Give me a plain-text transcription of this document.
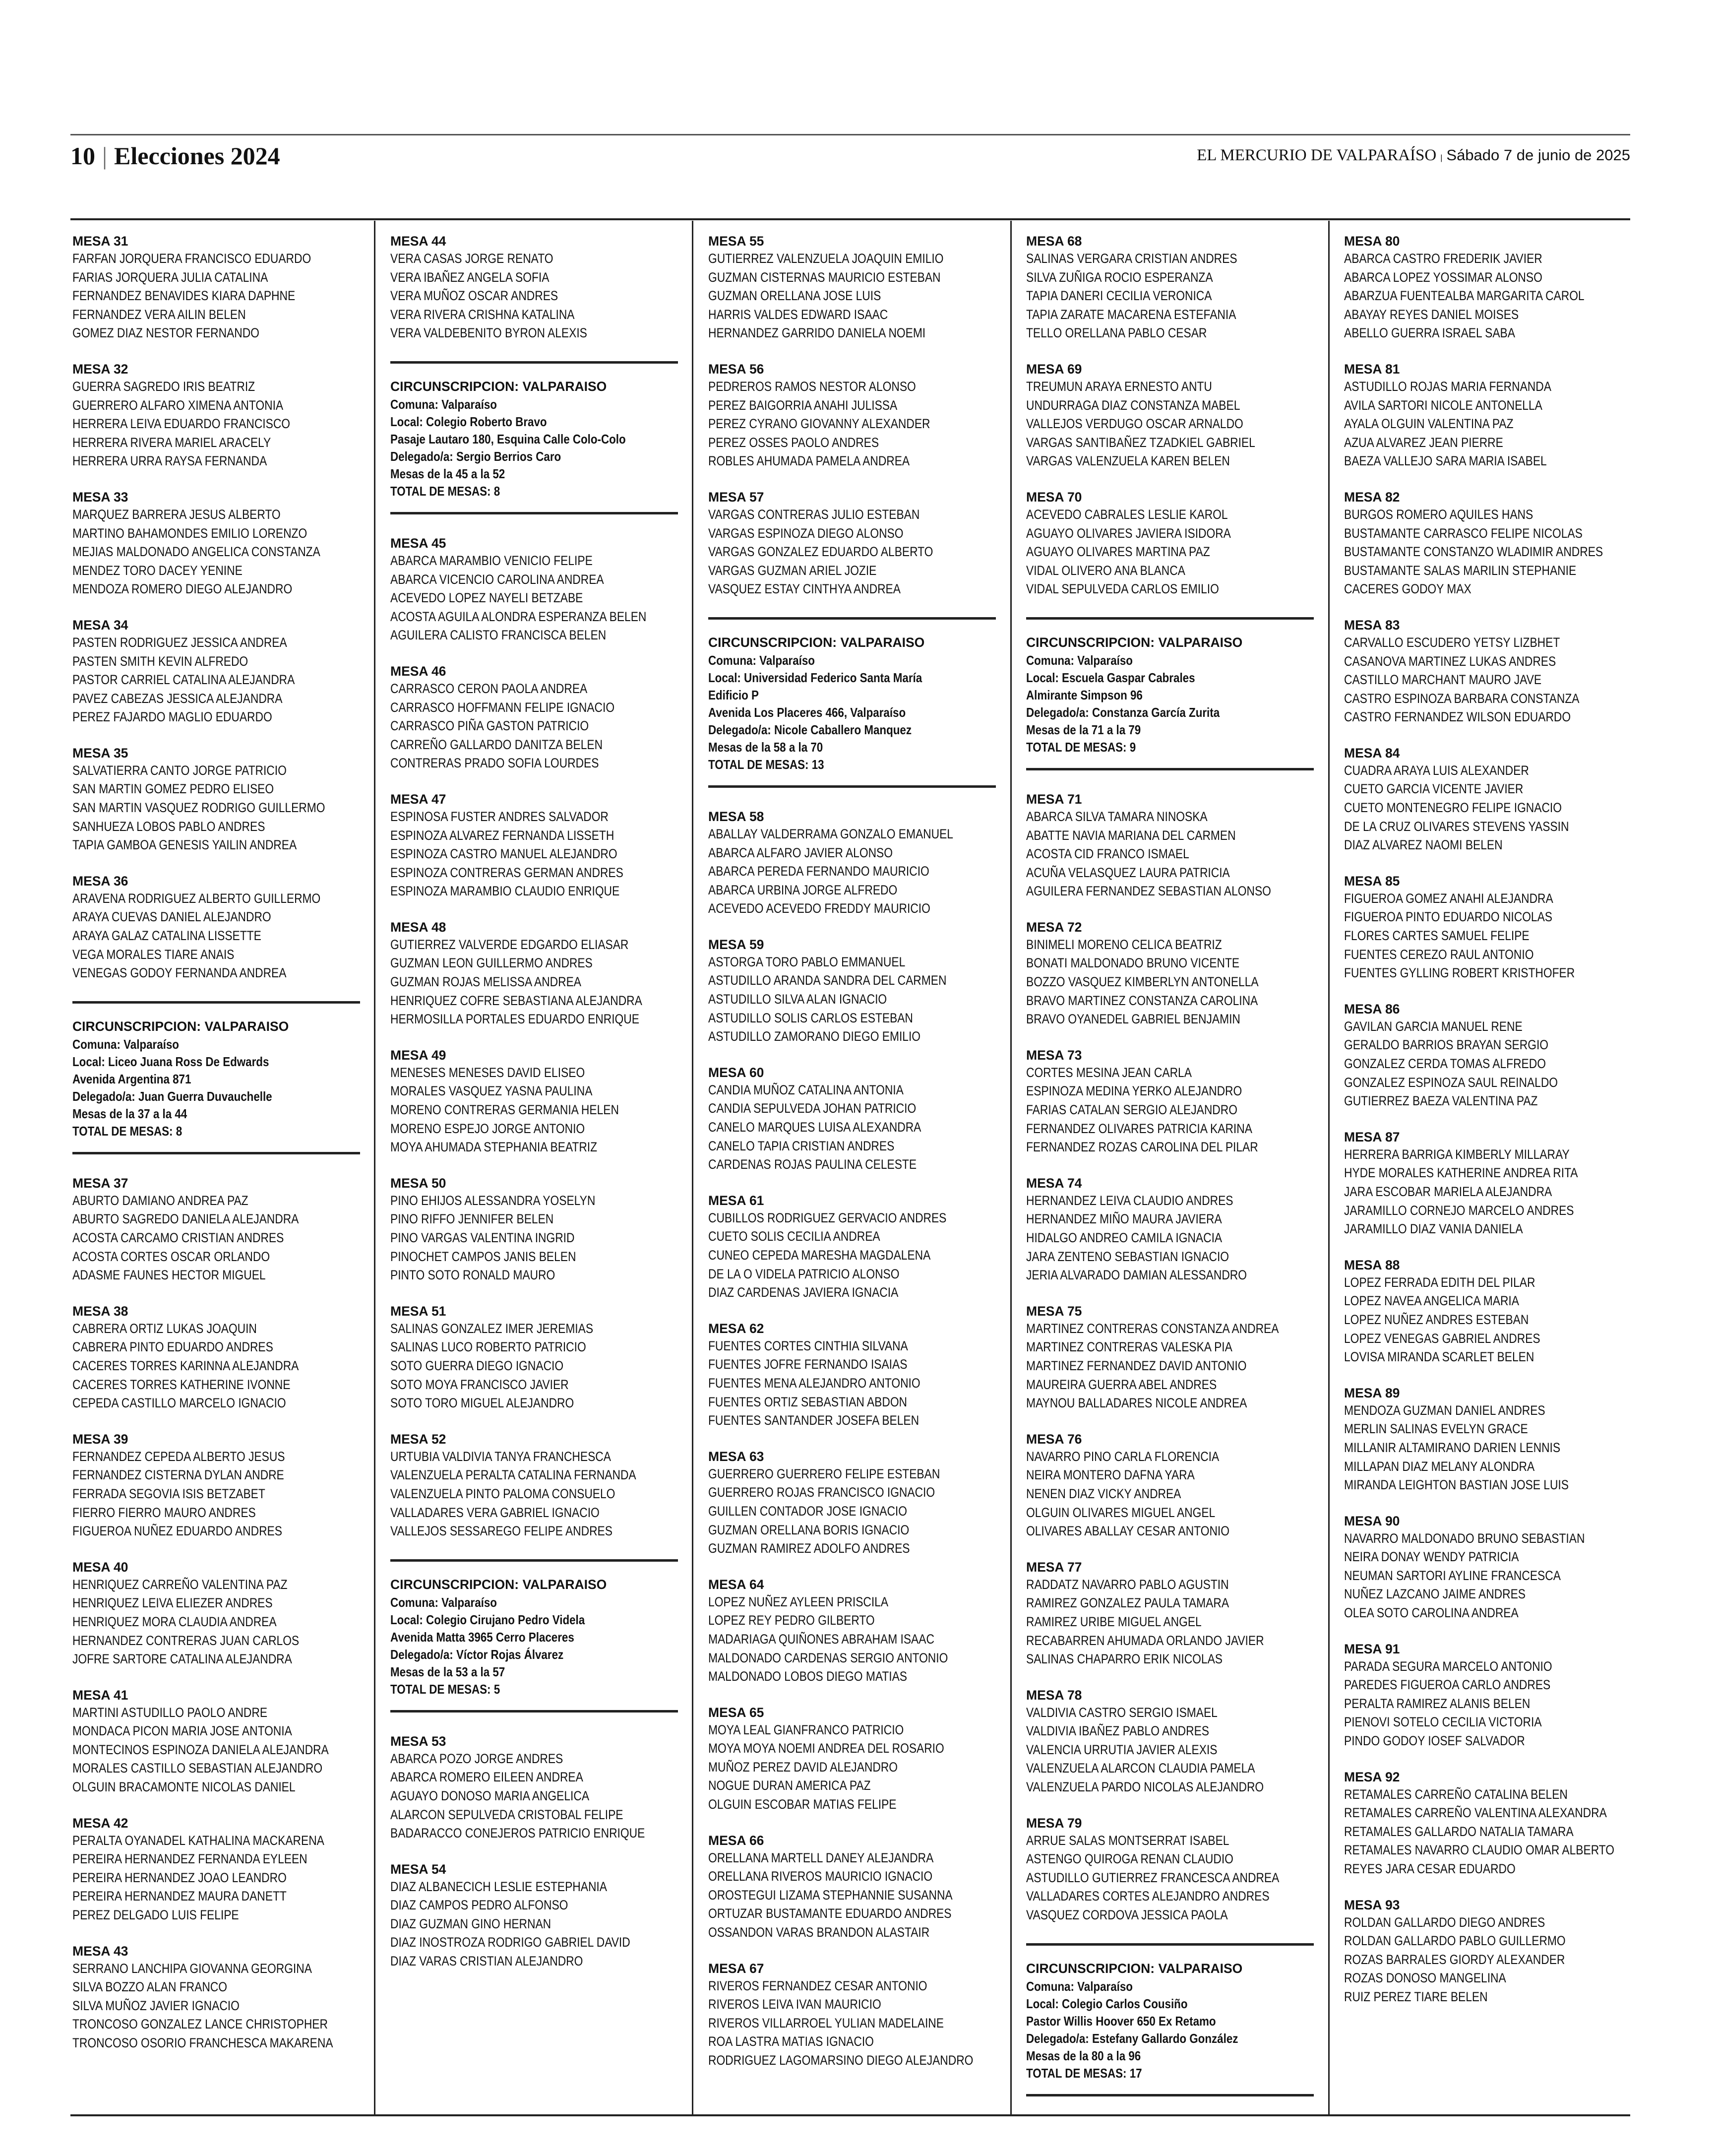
10 | Elecciones 2024	EL MERCURIO DE VALPARAÍSO | Sábado 7 de junio de 2025
MESA 31
FARFAN JORQUERA FRANCISCO EDUARDO
FARIAS JORQUERA JULIA CATALINA
FERNANDEZ BENAVIDES KIARA DAPHNE
FERNANDEZ VERA AILIN BELEN
GOMEZ DIAZ NESTOR FERNANDO
MESA 32
GUERRA SAGREDO IRIS BEATRIZ
GUERRERO ALFARO XIMENA ANTONIA
HERRERA LEIVA EDUARDO FRANCISCO
HERRERA RIVERA MARIEL ARACELY
HERRERA URRA RAYSA FERNANDA
MESA 33
MARQUEZ BARRERA JESUS ALBERTO
MARTINO BAHAMONDES EMILIO LORENZO
MEJIAS MALDONADO ANGELICA CONSTANZA
MENDEZ TORO DACEY YENINE
MENDOZA ROMERO DIEGO ALEJANDRO
MESA 34
PASTEN RODRIGUEZ JESSICA ANDREA
PASTEN SMITH KEVIN ALFREDO
PASTOR CARRIEL CATALINA ALEJANDRA
PAVEZ CABEZAS JESSICA ALEJANDRA
PEREZ FAJARDO MAGLIO EDUARDO
MESA 35
SALVATIERRA CANTO JORGE PATRICIO
SAN MARTIN GOMEZ PEDRO ELISEO
SAN MARTIN VASQUEZ RODRIGO GUILLERMO
SANHUEZA LOBOS PABLO ANDRES
TAPIA GAMBOA GENESIS YAILIN ANDREA
MESA 36
ARAVENA RODRIGUEZ ALBERTO GUILLERMO
ARAYA CUEVAS DANIEL ALEJANDRO
ARAYA GALAZ CATALINA LISSETTE
VEGA MORALES TIARE ANAIS
VENEGAS GODOY FERNANDA ANDREA
CIRCUNSCRIPCION: VALPARAISO
Comuna: Valparaíso
Local: Liceo Juana Ross De Edwards
Avenida Argentina 871
Delegado/a: Juan Guerra Duvauchelle
Mesas de la 37 a la 44
TOTAL DE MESAS: 8
MESA 37
ABURTO DAMIANO ANDREA PAZ
ABURTO SAGREDO DANIELA ALEJANDRA
ACOSTA CARCAMO CRISTIAN ANDRES
ACOSTA CORTES OSCAR ORLANDO
ADASME FAUNES HECTOR MIGUEL
MESA 38
CABRERA ORTIZ LUKAS JOAQUIN
CABRERA PINTO EDUARDO ANDRES
CACERES TORRES KARINNA ALEJANDRA
CACERES TORRES KATHERINE IVONNE
CEPEDA CASTILLO MARCELO IGNACIO
MESA 39
FERNANDEZ CEPEDA ALBERTO JESUS
FERNANDEZ CISTERNA DYLAN ANDRE
FERRADA SEGOVIA ISIS BETZABET
FIERRO FIERRO MAURO ANDRES
FIGUEROA NUÑEZ EDUARDO ANDRES
MESA 40
HENRIQUEZ CARREÑO VALENTINA PAZ
HENRIQUEZ LEIVA ELIEZER ANDRES
HENRIQUEZ MORA CLAUDIA ANDREA
HERNANDEZ CONTRERAS JUAN CARLOS
JOFRE SARTORE CATALINA ALEJANDRA
MESA 41
MARTINI ASTUDILLO PAOLO ANDRE
MONDACA PICON MARIA JOSE ANTONIA
MONTECINOS ESPINOZA DANIELA ALEJANDRA
MORALES CASTILLO SEBASTIAN ALEJANDRO
OLGUIN BRACAMONTE NICOLAS DANIEL
MESA 42
PERALTA OYANADEL KATHALINA MACKARENA
PEREIRA HERNANDEZ FERNANDA EYLEEN
PEREIRA HERNANDEZ JOAO LEANDRO
PEREIRA HERNANDEZ MAURA DANETT
PEREZ DELGADO LUIS FELIPE
MESA 43
SERRANO LANCHIPA GIOVANNA GEORGINA
SILVA BOZZO ALAN FRANCO
SILVA MUÑOZ JAVIER IGNACIO
TRONCOSO GONZALEZ LANCE CHRISTOPHER
TRONCOSO OSORIO FRANCHESCA MAKARENA
MESA 44
VERA CASAS JORGE RENATO
VERA IBAÑEZ ANGELA SOFIA
VERA MUÑOZ OSCAR ANDRES
VERA RIVERA CRISHNA KATALINA
VERA VALDEBENITO BYRON ALEXIS
CIRCUNSCRIPCION: VALPARAISO
Comuna: Valparaíso
Local: Colegio Roberto Bravo
Pasaje Lautaro 180, Esquina Calle Colo-Colo
Delegado/a: Sergio Berrios Caro
Mesas de la 45 a la 52
TOTAL DE MESAS: 8
MESA 45
ABARCA MARAMBIO VENICIO FELIPE
ABARCA VICENCIO CAROLINA ANDREA
ACEVEDO LOPEZ NAYELI BETZABE
ACOSTA AGUILA ALONDRA ESPERANZA BELEN
AGUILERA CALISTO FRANCISCA BELEN
MESA 46
CARRASCO CERON PAOLA ANDREA
CARRASCO HOFFMANN FELIPE IGNACIO
CARRASCO PIÑA GASTON PATRICIO
CARREÑO GALLARDO DANITZA BELEN
CONTRERAS PRADO SOFIA LOURDES
MESA 47
ESPINOSA FUSTER ANDRES SALVADOR
ESPINOZA ALVAREZ FERNANDA LISSETH
ESPINOZA CASTRO MANUEL ALEJANDRO
ESPINOZA CONTRERAS GERMAN ANDRES
ESPINOZA MARAMBIO CLAUDIO ENRIQUE
MESA 48
GUTIERREZ VALVERDE EDGARDO ELIASAR
GUZMAN LEON GUILLERMO ANDRES
GUZMAN ROJAS MELISSA ANDREA
HENRIQUEZ COFRE SEBASTIANA ALEJANDRA
HERMOSILLA PORTALES EDUARDO ENRIQUE
MESA 49
MENESES MENESES DAVID ELISEO
MORALES VASQUEZ YASNA PAULINA
MORENO CONTRERAS GERMANIA HELEN
MORENO ESPEJO JORGE ANTONIO
MOYA AHUMADA STEPHANIA BEATRIZ
MESA 50
PINO EHIJOS ALESSANDRA YOSELYN
PINO RIFFO JENNIFER BELEN
PINO VARGAS VALENTINA INGRID
PINOCHET CAMPOS JANIS BELEN
PINTO SOTO RONALD MAURO
MESA 51
SALINAS GONZALEZ IMER JEREMIAS
SALINAS LUCO ROBERTO PATRICIO
SOTO GUERRA DIEGO IGNACIO
SOTO MOYA FRANCISCO JAVIER
SOTO TORO MIGUEL ALEJANDRO
MESA 52
URTUBIA VALDIVIA TANYA FRANCHESCA
VALENZUELA PERALTA CATALINA FERNANDA
VALENZUELA PINTO PALOMA CONSUELO
VALLADARES VERA GABRIEL IGNACIO
VALLEJOS SESSAREGO FELIPE ANDRES
CIRCUNSCRIPCION: VALPARAISO
Comuna: Valparaíso
Local: Colegio Cirujano Pedro Videla
Avenida Matta 3965 Cerro Placeres
Delegado/a: Víctor Rojas Álvarez
Mesas de la 53 a la 57
TOTAL DE MESAS: 5
MESA 53
ABARCA POZO JORGE ANDRES
ABARCA ROMERO EILEEN ANDREA
AGUAYO DONOSO MARIA ANGELICA
ALARCON SEPULVEDA CRISTOBAL FELIPE
BADARACCO CONEJEROS PATRICIO ENRIQUE
MESA 54
DIAZ ALBANECICH LESLIE ESTEPHANIA
DIAZ CAMPOS PEDRO ALFONSO
DIAZ GUZMAN GINO HERNAN
DIAZ INOSTROZA RODRIGO GABRIEL DAVID
DIAZ VARAS CRISTIAN ALEJANDRO
MESA 55
GUTIERREZ VALENZUELA JOAQUIN EMILIO
GUZMAN CISTERNAS MAURICIO ESTEBAN
GUZMAN ORELLANA JOSE LUIS
HARRIS VALDES EDWARD ISAAC
HERNANDEZ GARRIDO DANIELA NOEMI
MESA 56
PEDREROS RAMOS NESTOR ALONSO
PEREZ BAIGORRIA ANAHI JULISSA
PEREZ CYRANO GIOVANNY ALEXANDER
PEREZ OSSES PAOLO ANDRES
ROBLES AHUMADA PAMELA ANDREA
MESA 57
VARGAS CONTRERAS JULIO ESTEBAN
VARGAS ESPINOZA DIEGO ALONSO
VARGAS GONZALEZ EDUARDO ALBERTO
VARGAS GUZMAN ARIEL JOZIE
VASQUEZ ESTAY CINTHYA ANDREA
CIRCUNSCRIPCION: VALPARAISO
Comuna: Valparaíso
Local: Universidad Federico Santa María
Edificio P
Avenida Los Placeres 466, Valparaíso
Delegado/a: Nicole Caballero Manquez
Mesas de la 58 a la 70
TOTAL DE MESAS: 13
MESA 58
ABALLAY VALDERRAMA GONZALO EMANUEL
ABARCA ALFARO JAVIER ALONSO
ABARCA PEREDA FERNANDO MAURICIO
ABARCA URBINA JORGE ALFREDO
ACEVEDO ACEVEDO FREDDY MAURICIO
MESA 59
ASTORGA TORO PABLO EMMANUEL
ASTUDILLO ARANDA SANDRA DEL CARMEN
ASTUDILLO SILVA ALAN IGNACIO
ASTUDILLO SOLIS CARLOS ESTEBAN
ASTUDILLO ZAMORANO DIEGO EMILIO
MESA 60
CANDIA MUÑOZ CATALINA ANTONIA
CANDIA SEPULVEDA JOHAN PATRICIO
CANELO MARQUES LUISA ALEXANDRA
CANELO TAPIA CRISTIAN ANDRES
CARDENAS ROJAS PAULINA CELESTE
MESA 61
CUBILLOS RODRIGUEZ GERVACIO ANDRES
CUETO SOLIS CECILIA ANDREA
CUNEO CEPEDA MARESHA MAGDALENA
DE LA O VIDELA PATRICIO ALONSO
DIAZ CARDENAS JAVIERA IGNACIA
MESA 62
FUENTES CORTES CINTHIA SILVANA
FUENTES JOFRE FERNANDO ISAIAS
FUENTES MENA ALEJANDRO ANTONIO
FUENTES ORTIZ SEBASTIAN ABDON
FUENTES SANTANDER JOSEFA BELEN
MESA 63
GUERRERO GUERRERO FELIPE ESTEBAN
GUERRERO ROJAS FRANCISCO IGNACIO
GUILLEN CONTADOR JOSE IGNACIO
GUZMAN ORELLANA BORIS IGNACIO
GUZMAN RAMIREZ ADOLFO ANDRES
MESA 64
LOPEZ NUÑEZ AYLEEN PRISCILA
LOPEZ REY PEDRO GILBERTO
MADARIAGA QUIÑONES ABRAHAM ISAAC
MALDONADO CARDENAS SERGIO ANTONIO
MALDONADO LOBOS DIEGO MATIAS
MESA 65
MOYA LEAL GIANFRANCO PATRICIO
MOYA MOYA NOEMI ANDREA DEL ROSARIO
MUÑOZ PEREZ DAVID ALEJANDRO
NOGUE DURAN AMERICA PAZ
OLGUIN ESCOBAR MATIAS FELIPE
MESA 66
ORELLANA MARTELL DANEY ALEJANDRA
ORELLANA RIVEROS MAURICIO IGNACIO
OROSTEGUI LIZAMA STEPHANNIE SUSANNA
ORTUZAR BUSTAMANTE EDUARDO ANDRES
OSSANDON VARAS BRANDON ALASTAIR
MESA 67
RIVEROS FERNANDEZ CESAR ANTONIO
RIVEROS LEIVA IVAN MAURICIO
RIVEROS VILLARROEL YULIAN MADELAINE
ROA LASTRA MATIAS IGNACIO
RODRIGUEZ LAGOMARSINO DIEGO ALEJANDRO
MESA 68
SALINAS VERGARA CRISTIAN ANDRES
SILVA ZUÑIGA ROCIO ESPERANZA
TAPIA DANERI CECILIA VERONICA
TAPIA ZARATE MACARENA ESTEFANIA
TELLO ORELLANA PABLO CESAR
MESA 69
TREUMUN ARAYA ERNESTO ANTU
UNDURRAGA DIAZ CONSTANZA MABEL
VALLEJOS VERDUGO OSCAR ARNALDO
VARGAS SANTIBAÑEZ TZADKIEL GABRIEL
VARGAS VALENZUELA KAREN BELEN
MESA 70
ACEVEDO CABRALES LESLIE KAROL
AGUAYO OLIVARES JAVIERA ISIDORA
AGUAYO OLIVARES MARTINA PAZ
VIDAL OLIVERO ANA BLANCA
VIDAL SEPULVEDA CARLOS EMILIO
CIRCUNSCRIPCION: VALPARAISO
Comuna: Valparaíso
Local: Escuela Gaspar Cabrales
Almirante Simpson 96
Delegado/a: Constanza García Zurita
Mesas de la 71 a la 79
TOTAL DE MESAS: 9
MESA 71
ABARCA SILVA TAMARA NINOSKA
ABATTE NAVIA MARIANA DEL CARMEN
ACOSTA CID FRANCO ISMAEL
ACUÑA VELASQUEZ LAURA PATRICIA
AGUILERA FERNANDEZ SEBASTIAN ALONSO
MESA 72
BINIMELI MORENO CELICA BEATRIZ
BONATI MALDONADO BRUNO VICENTE
BOZZO VASQUEZ KIMBERLYN ANTONELLA
BRAVO MARTINEZ CONSTANZA CAROLINA
BRAVO OYANEDEL GABRIEL BENJAMIN
MESA 73
CORTES MESINA JEAN CARLA
ESPINOZA MEDINA YERKO ALEJANDRO
FARIAS CATALAN SERGIO ALEJANDRO
FERNANDEZ OLIVARES PATRICIA KARINA
FERNANDEZ ROZAS CAROLINA DEL PILAR
MESA 74
HERNANDEZ LEIVA CLAUDIO ANDRES
HERNANDEZ MIÑO MAURA JAVIERA
HIDALGO ANDREO CAMILA IGNACIA
JARA ZENTENO SEBASTIAN IGNACIO
JERIA ALVARADO DAMIAN ALESSANDRO
MESA 75
MARTINEZ CONTRERAS CONSTANZA ANDREA
MARTINEZ CONTRERAS VALESKA PIA
MARTINEZ FERNANDEZ DAVID ANTONIO
MAUREIRA GUERRA ABEL ANDRES
MAYNOU BALLADARES NICOLE ANDREA
MESA 76
NAVARRO PINO CARLA FLORENCIA
NEIRA MONTERO DAFNA YARA
NENEN DIAZ VICKY ANDREA
OLGUIN OLIVARES MIGUEL ANGEL
OLIVARES ABALLAY CESAR ANTONIO
MESA 77
RADDATZ NAVARRO PABLO AGUSTIN
RAMIREZ GONZALEZ PAULA TAMARA
RAMIREZ URIBE MIGUEL ANGEL
RECABARREN AHUMADA ORLANDO JAVIER
SALINAS CHAPARRO ERIK NICOLAS
MESA 78
VALDIVIA CASTRO SERGIO ISMAEL
VALDIVIA IBAÑEZ PABLO ANDRES
VALENCIA URRUTIA JAVIER ALEXIS
VALENZUELA ALARCON CLAUDIA PAMELA
VALENZUELA PARDO NICOLAS ALEJANDRO
MESA 79
ARRUE SALAS MONTSERRAT ISABEL
ASTENGO QUIROGA RENAN CLAUDIO
ASTUDILLO GUTIERREZ FRANCESCA ANDREA
VALLADARES CORTES ALEJANDRO ANDRES
VASQUEZ CORDOVA JESSICA PAOLA
CIRCUNSCRIPCION: VALPARAISO
Comuna: Valparaíso
Local: Colegio Carlos Cousiño
Pastor Willis Hoover 650 Ex Retamo
Delegado/a: Estefany Gallardo González
Mesas de la 80 a la 96
TOTAL DE MESAS: 17
MESA 80
ABARCA CASTRO FREDERIK JAVIER
ABARCA LOPEZ YOSSIMAR ALONSO
ABARZUA FUENTEALBA MARGARITA CAROL
ABAYAY REYES DANIEL MOISES
ABELLO GUERRA ISRAEL SABA
MESA 81
ASTUDILLO ROJAS MARIA FERNANDA
AVILA SARTORI NICOLE ANTONELLA
AYALA OLGUIN VALENTINA PAZ
AZUA ALVAREZ JEAN PIERRE
BAEZA VALLEJO SARA MARIA ISABEL
MESA 82
BURGOS ROMERO AQUILES HANS
BUSTAMANTE CARRASCO FELIPE NICOLAS
BUSTAMANTE CONSTANZO WLADIMIR ANDRES
BUSTAMANTE SALAS MARILIN STEPHANIE
CACERES GODOY MAX
MESA 83
CARVALLO ESCUDERO YETSY LIZBHET
CASANOVA MARTINEZ LUKAS ANDRES
CASTILLO MARCHANT MAURO JAVE
CASTRO ESPINOZA BARBARA CONSTANZA
CASTRO FERNANDEZ WILSON EDUARDO
MESA 84
CUADRA ARAYA LUIS ALEXANDER
CUETO GARCIA VICENTE JAVIER
CUETO MONTENEGRO FELIPE IGNACIO
DE LA CRUZ OLIVARES STEVENS YASSIN
DIAZ ALVAREZ NAOMI BELEN
MESA 85
FIGUEROA GOMEZ ANAHI ALEJANDRA
FIGUEROA PINTO EDUARDO NICOLAS
FLORES CARTES SAMUEL FELIPE
FUENTES CEREZO RAUL ANTONIO
FUENTES GYLLING ROBERT KRISTHOFER
MESA 86
GAVILAN GARCIA MANUEL RENE
GERALDO BARRIOS BRAYAN SERGIO
GONZALEZ CERDA TOMAS ALFREDO
GONZALEZ ESPINOZA SAUL REINALDO
GUTIERREZ BAEZA VALENTINA PAZ
MESA 87
HERRERA BARRIGA KIMBERLY MILLARAY
HYDE MORALES KATHERINE ANDREA RITA
JARA ESCOBAR MARIELA ALEJANDRA
JARAMILLO CORNEJO MARCELO ANDRES
JARAMILLO DIAZ VANIA DANIELA
MESA 88
LOPEZ FERRADA EDITH DEL PILAR
LOPEZ NAVEA ANGELICA MARIA
LOPEZ NUÑEZ ANDRES ESTEBAN
LOPEZ VENEGAS GABRIEL ANDRES
LOVISA MIRANDA SCARLET BELEN
MESA 89
MENDOZA GUZMAN DANIEL ANDRES
MERLIN SALINAS EVELYN GRACE
MILLANIR ALTAMIRANO DARIEN LENNIS
MILLAPAN DIAZ MELANY ALONDRA
MIRANDA LEIGHTON BASTIAN JOSE LUIS
MESA 90
NAVARRO MALDONADO BRUNO SEBASTIAN
NEIRA DONAY WENDY PATRICIA
NEUMAN SARTORI AYLINE FRANCESCA
NUÑEZ LAZCANO JAIME ANDRES
OLEA SOTO CAROLINA ANDREA
MESA 91
PARADA SEGURA MARCELO ANTONIO
PAREDES FIGUEROA CARLO ANDRES
PERALTA RAMIREZ ALANIS BELEN
PIENOVI SOTELO CECILIA VICTORIA
PINDO GODOY IOSEF SALVADOR
MESA 92
RETAMALES CARREÑO CATALINA BELEN
RETAMALES CARREÑO VALENTINA ALEXANDRA
RETAMALES GALLARDO NATALIA TAMARA
RETAMALES NAVARRO CLAUDIO OMAR ALBERTO
REYES JARA CESAR EDUARDO
MESA 93
ROLDAN GALLARDO DIEGO ANDRES
ROLDAN GALLARDO PABLO GUILLERMO
ROZAS BARRALES GIORDY ALEXANDER
ROZAS DONOSO MANGELINA
RUIZ PEREZ TIARE BELEN
